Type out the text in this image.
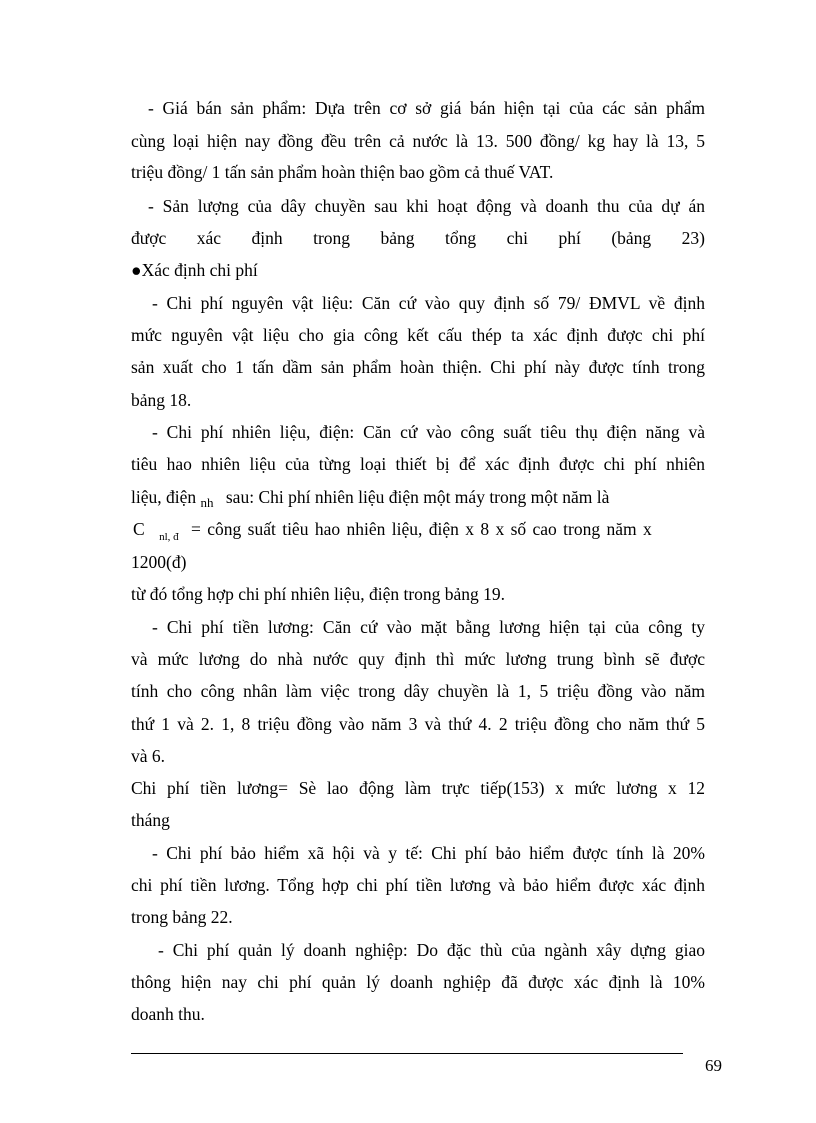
- Giá bán sản phẩm: Dựa trên cơ sở giá bán hiện tại của các sản phẩm
cùng loại hiện nay đồng đều trên cả nước là 13. 500 đồng/ kg hay là 13, 5
triệu đồng/ 1 tấn sản phẩm hoàn thiện bao gồm cả thuế VAT.
- Sản lượng của dây chuyền sau khi hoạt động và doanh thu của dự án
được xác định trong bảng tổng chi phí (bảng 23)
●Xác định chi phí
- Chi phí nguyên vật liệu: Căn cứ vào quy định số 79/ ĐMVL về định
mức nguyên vật liệu cho gia công kết cấu thép ta xác định được chi phí
sản xuất cho 1 tấn dầm sản phẩm hoàn thiện. Chi phí này được tính trong
bảng 18.
- Chi phí nhiên liệu, điện: Căn cứ vào công suất tiêu thụ điện năng và
tiêu hao nhiên liệu của từng loại thiết bị để xác định được chi phí nhiên
liệu, điện $_{nh}$ sau: Chi phí nhiên liệu điện một máy trong một năm là
C $_{nl, đ}$ = công suất tiêu hao nhiên liệu, điện x 8 x số cao trong năm x
1200(đ)
từ đó tổng hợp chi phí nhiên liệu, điện trong bảng 19.
- Chi phí tiền lương: Căn cứ vào mặt bằng lương hiện tại của công ty
và mức lương do nhà nước quy định thì mức lương trung bình sẽ được
tính cho công nhân làm việc trong dây chuyền là 1, 5 triệu đồng vào năm
thứ 1 và 2. 1, 8 triệu đồng vào năm 3 và thứ 4. 2 triệu đồng cho năm thứ 5
và 6.
Chi phí tiền lương= Sè lao động làm trực tiếp(153) x mức lương x 12
tháng
- Chi phí bảo hiểm xã hội và y tế: Chi phí bảo hiểm được tính là 20%
chi phí tiền lương. Tổng hợp chi phí tiền lương và bảo hiểm được xác định
trong bảng 22.
- Chi phí quản lý doanh nghiệp: Do đặc thù của ngành xây dựng giao
thông hiện nay chi phí quản lý doanh nghiệp đã được xác định là 10%
doanh thu.
69
